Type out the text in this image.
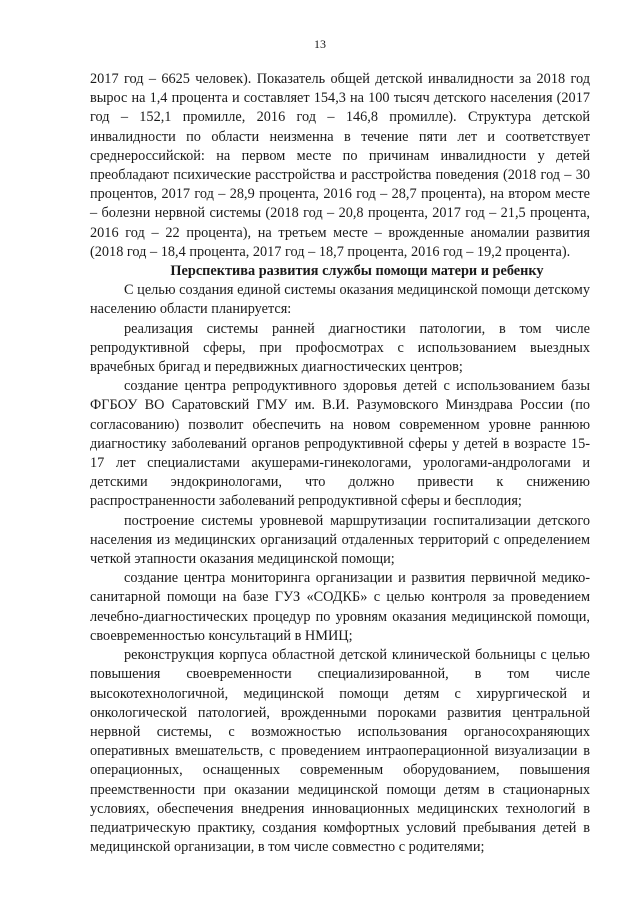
13

2017 год – 6625 человек). Показатель общей детской инвалидности за 2018 год вырос на 1,4 процента и составляет 154,3 на 100 тысяч детского населения (2017 год – 152,1 промилле, 2016 год – 146,8 промилле). Структура детской инвалидности по области неизменна в течение пяти лет и соответствует среднероссийской: на первом месте по причинам инвалидности у детей преобладают психические расстройства и расстройства поведения (2018 год – 30 процентов, 2017 год – 28,9 процента, 2016 год – 28,7 процента), на втором месте – болезни нервной системы (2018 год – 20,8 процента, 2017 год – 21,5 процента, 2016 год – 22 процента), на третьем месте – врожденные аномалии развития (2018 год – 18,4 процента, 2017 год – 18,7 процента, 2016 год – 19,2 процента).

Перспектива развития службы помощи матери и ребенку

С целью создания единой системы оказания медицинской помощи детскому населению области планируется:

реализация системы ранней диагностики патологии, в том числе репродуктивной сферы, при профосмотрах с использованием выездных врачебных бригад и передвижных диагностических центров;

создание центра репродуктивного здоровья детей с использованием базы ФГБОУ ВО Саратовский ГМУ им. В.И. Разумовского Минздрава России (по согласованию) позволит обеспечить на новом современном уровне раннюю диагностику заболеваний органов репродуктивной сферы у детей в возрасте 15-17 лет специалистами акушерами-гинекологами, урологами-андрологами и детскими эндокринологами, что должно привести к снижению распространенности заболеваний репродуктивной сферы и бесплодия;

построение системы уровневой маршрутизации госпитализации детского населения из медицинских организаций отдаленных территорий с определением четкой этапности оказания медицинской помощи;

создание центра мониторинга организации и развития первичной медико-санитарной помощи на базе ГУЗ «СОДКБ» с целью контроля за проведением лечебно-диагностических процедур по уровням оказания медицинской помощи, своевременностью консультаций в НМИЦ;

реконструкция корпуса областной детской клинической больницы с целью повышения своевременности специализированной, в том числе высокотехнологичной, медицинской помощи детям с хирургической и онкологической патологией, врожденными пороками развития центральной нервной системы, с возможностью использования органосохраняющих оперативных вмешательств, с проведением интраоперационной визуализации в операционных, оснащенных современным оборудованием, повышения преемственности при оказании медицинской помощи детям в стационарных условиях, обеспечения внедрения инновационных медицинских технологий в педиатрическую практику, создания комфортных условий пребывания детей в медицинской организации, в том числе совместно с родителями;
